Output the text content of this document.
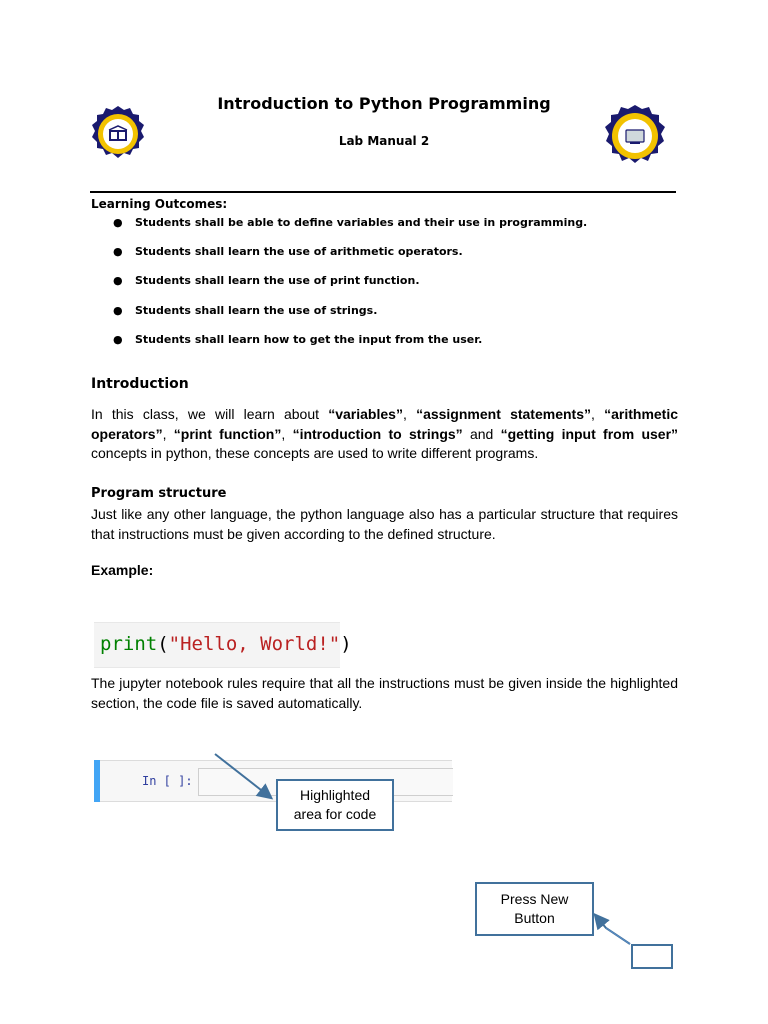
Introduction to Python Programming
Lab Manual 2
Learning Outcomes:
● Students shall be able to define variables and their use in programming.
● Students shall learn the use of arithmetic operators.
● Students shall learn the use of print function.
● Students shall learn the use of strings.
● Students shall learn how to get the input from the user.
Introduction
In this class, we will learn about “variables”, “assignment statements”, “arithmetic operators”, “print function”, “introduction to strings” and “getting input from user” concepts in python, these concepts are used to write different programs.
Program structure
Just like any other language, the python language also has a particular structure that requires that instructions must be given according to the defined structure.
Example:
print("Hello, World!")
The jupyter notebook rules require that all the instructions must be given inside the highlighted section, the code file is saved automatically.
In [ ]:
Highlighted
area for code
Press New
Button
